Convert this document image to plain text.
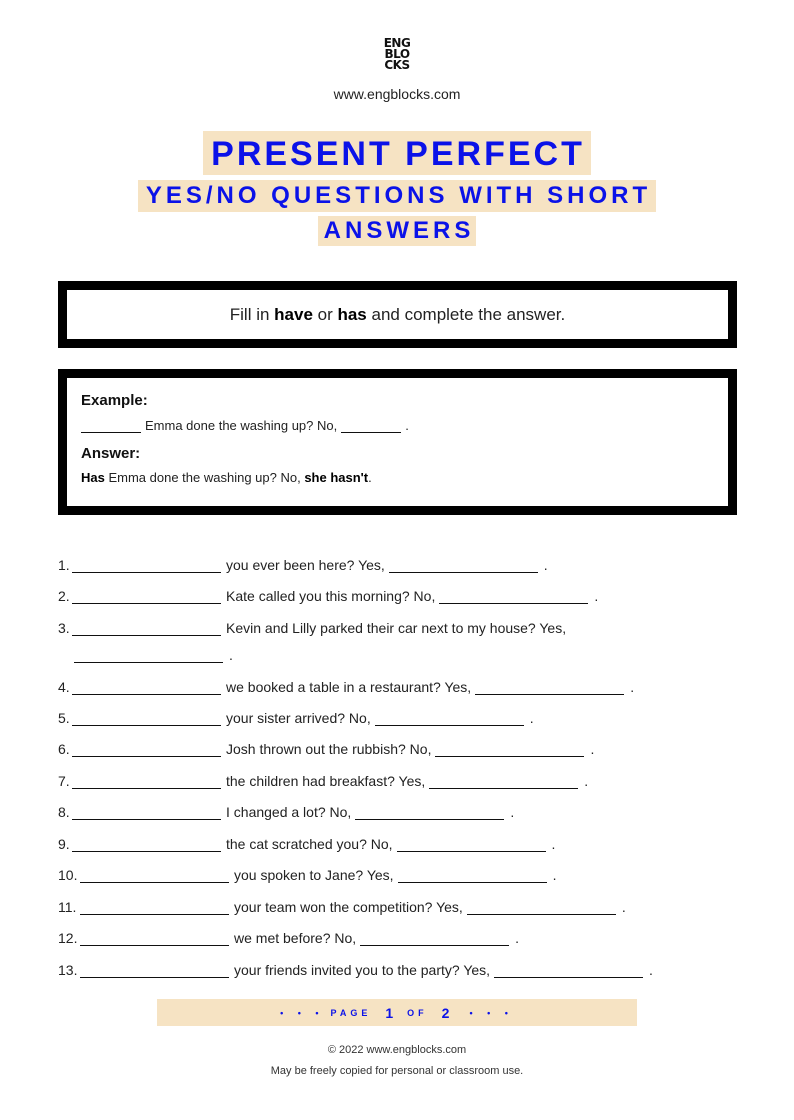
ENG
BLO
CKS
www.engblocks.com
PRESENT PERFECT
YES/NO QUESTIONS WITH SHORT
ANSWERS
Fill in have or has and complete the answer.
Example:
Emma done the washing up? No,	.
Answer:
Has Emma done the washing up? No, she hasn't.
1.	you ever been here? Yes,	.
2.	Kate called you this morning? No,	.
3.	Kevin and Lilly parked their car next to my house? Yes,
.
4.	we booked a table in a restaurant? Yes,	.
5.	your sister arrived? No,	.
6.	Josh thrown out the rubbish? No,	.
7.	the children had breakfast? Yes,	.
8.	I changed a lot? No,	.
9.	the cat scratched you? No,	.
10.	you spoken to Jane? Yes,	.
11.	your team won the competition? Yes,	.
12.	we met before? No,	.
13.	your friends invited you to the party? Yes,	.
• • • PAGE 1 OF 2 • • •
© 2022 www.engblocks.com
May be freely copied for personal or classroom use.
